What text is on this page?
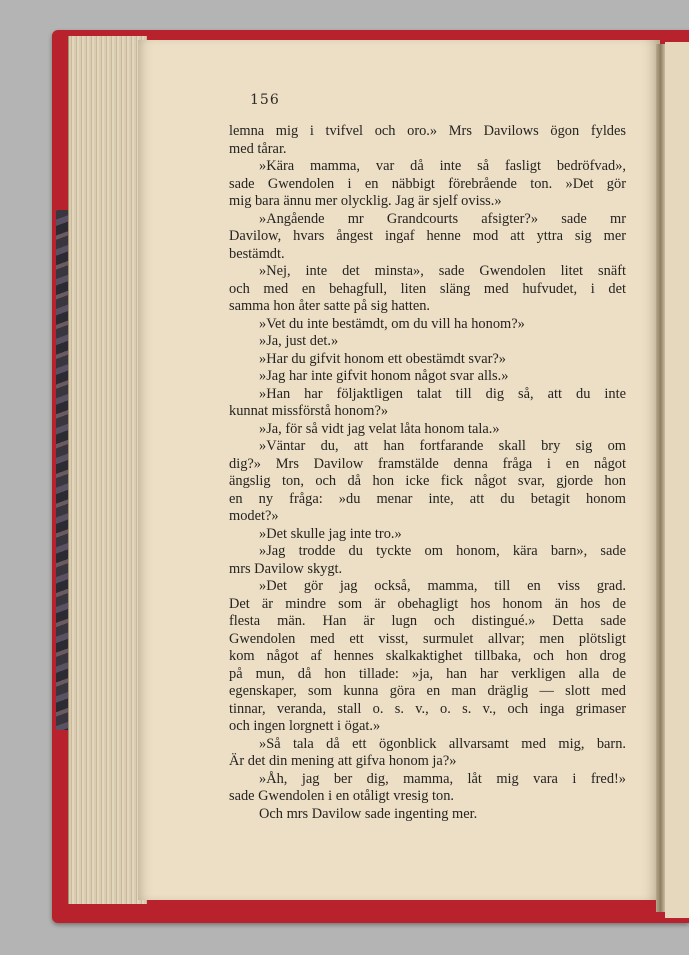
156
lemna mig i tvifvel och oro.» Mrs Davilows ögon fyldes
med tårar.
»Kära mamma, var då inte så fasligt bedröfvad»,
sade Gwendolen i en näbbigt förebrående ton. »Det gör
mig bara ännu mer olycklig. Jag är sjelf oviss.»
»Angående mr Grandcourts afsigter?» sade mr
Davilow, hvars ångest ingaf henne mod att yttra sig mer
bestämdt.
»Nej, inte det minsta», sade Gwendolen litet snäft
och med en behagfull, liten släng med hufvudet, i det
samma hon åter satte på sig hatten.
»Vet du inte bestämdt, om du vill ha honom?»
»Ja, just det.»
»Har du gifvit honom ett obestämdt svar?»
»Jag har inte gifvit honom något svar alls.»
»Han har följaktligen talat till dig så, att du inte
kunnat missförstå honom?»
»Ja, för så vidt jag velat låta honom tala.»
»Väntar du, att han fortfarande skall bry sig om
dig?» Mrs Davilow framstälde denna fråga i en något
ängslig ton, och då hon icke fick något svar, gjorde hon
en ny fråga: »du menar inte, att du betagit honom
modet?»
»Det skulle jag inte tro.»
»Jag trodde du tyckte om honom, kära barn», sade
mrs Davilow skygt.
»Det gör jag också, mamma, till en viss grad.
Det är mindre som är obehagligt hos honom än hos de
flesta män. Han är lugn och distingué.» Detta sade
Gwendolen med ett visst, surmulet allvar; men plötsligt
kom något af hennes skalkaktighet tillbaka, och hon drog
på mun, då hon tillade: »ja, han har verkligen alla de
egenskaper, som kunna göra en man dräglig — slott med
tinnar, veranda, stall o. s. v., o. s. v., och inga grimaser
och ingen lorgnett i ögat.»
»Så tala då ett ögonblick allvarsamt med mig, barn.
Är det din mening att gifva honom ja?»
»Åh, jag ber dig, mamma, låt mig vara i fred!»
sade Gwendolen i en otåligt vresig ton.
Och mrs Davilow sade ingenting mer.
